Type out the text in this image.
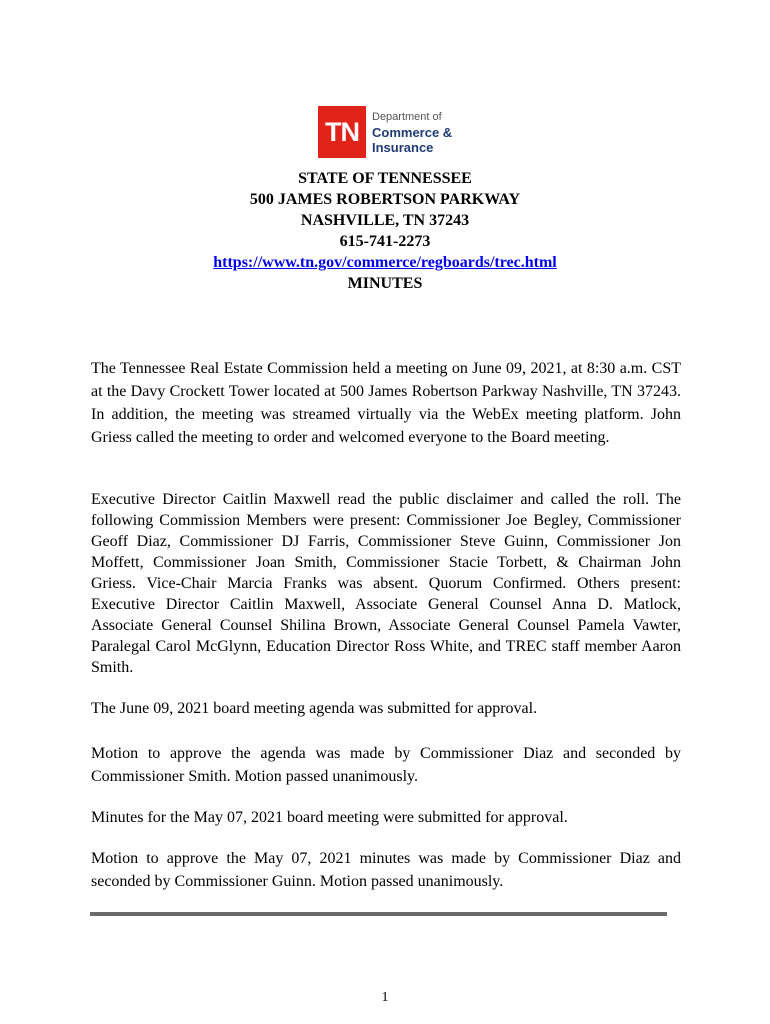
TN	Department of
Commerce &
Insurance
STATE OF TENNESSEE
500 JAMES ROBERTSON PARKWAY
NASHVILLE, TN 37243
615-741-2273
https://www.tn.gov/commerce/regboards/trec.html
MINUTES
The Tennessee Real Estate Commission held a meeting on June 09, 2021, at 8:30 a.m. CST at the Davy Crockett Tower located at 500 James Robertson Parkway Nashville, TN 37243. In addition, the meeting was streamed virtually via the WebEx meeting platform. John Griess called the meeting to order and welcomed everyone to the Board meeting.
Executive Director Caitlin Maxwell read the public disclaimer and called the roll. The following Commission Members were present: Commissioner Joe Begley, Commissioner Geoff Diaz, Commissioner DJ Farris, Commissioner Steve Guinn, Commissioner Jon Moffett, Commissioner Joan Smith, Commissioner Stacie Torbett, & Chairman John Griess. Vice-Chair Marcia Franks was absent. Quorum Confirmed. Others present: Executive Director Caitlin Maxwell, Associate General Counsel Anna D. Matlock, Associate General Counsel Shilina Brown, Associate General Counsel Pamela Vawter, Paralegal Carol McGlynn, Education Director Ross White, and TREC staff member Aaron Smith.
The June 09, 2021 board meeting agenda was submitted for approval.
Motion to approve the agenda was made by Commissioner Diaz and seconded by Commissioner Smith. Motion passed unanimously.
Minutes for the May 07, 2021 board meeting were submitted for approval.
Motion to approve the May 07, 2021 minutes was made by Commissioner Diaz and seconded by Commissioner Guinn. Motion passed unanimously.
1
